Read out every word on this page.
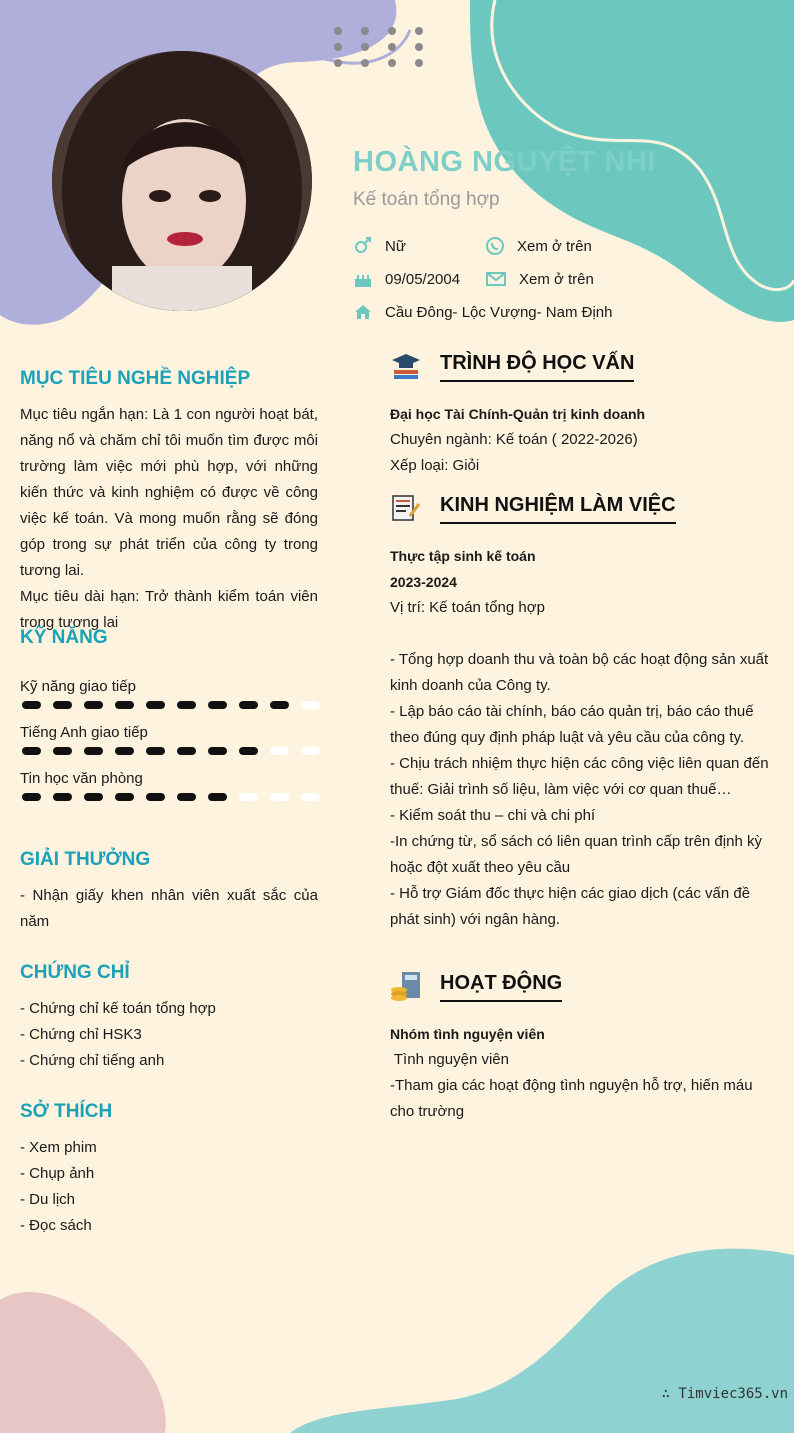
HOÀNG NGUYỆT NHI
Kế toán tổng hợp
Nữ	Xem ở trên
09/05/2004	Xem ở trên
Cầu Đông- Lộc Vượng- Nam Định
MỤC TIÊU NGHỀ NGHIỆP
Mục tiêu ngắn hạn: Là 1 con người hoạt bát, năng nổ và chăm chỉ tôi muốn tìm được môi trường làm việc mới phù hợp, với những kiến thức và kinh nghiệm có được về công việc kế toán. Và mong muốn rằng sẽ đóng góp trong sự phát triển của công ty trong tương lai.
Mục tiêu dài hạn: Trở thành kiểm toán viên trong tương lai
KỸ NĂNG
Kỹ năng giao tiếp
Tiếng Anh giao tiếp
Tin học văn phòng
GIẢI THƯỞNG
- Nhận giấy khen nhân viên xuất sắc của năm
CHỨNG CHỈ
- Chứng chỉ kế toán tổng hợp
- Chứng chỉ HSK3
- Chứng chỉ tiếng anh
SỞ THÍCH
- Xem phim
- Chụp ảnh
- Du lịch
- Đọc sách
TRÌNH ĐỘ HỌC VẤN
Đại học Tài Chính-Quản trị kinh doanh
Chuyên ngành: Kế toán ( 2022-2026)
Xếp loại: Giỏi
KINH NGHIỆM LÀM VIỆC
Thực tập sinh kế toán
2023-2024
Vị trí: Kế toán tổng hợp
- Tổng hợp doanh thu và toàn bộ các hoạt động sản xuất kinh doanh của Công ty.
- Lập báo cáo tài chính, báo cáo quản trị, báo cáo thuế theo đúng quy định pháp luật và yêu cầu của công ty.
- Chịu trách nhiệm thực hiện các công việc liên quan đến thuế: Giải trình số liệu, làm việc với cơ quan thuế…
- Kiểm soát thu – chi và chi phí
-In chứng từ, sổ sách có liên quan trình cấp trên định kỳ hoặc đột xuất theo yêu cầu
- Hỗ trợ Giám đốc thực hiện các giao dịch (các vấn đề phát sinh) với ngân hàng.
HOẠT ĐỘNG
Nhóm tình nguyện viên
Tình nguyện viên
-Tham gia các hoạt động tình nguyện hỗ trợ, hiến máu cho trường
∴ Timviec365.vn
